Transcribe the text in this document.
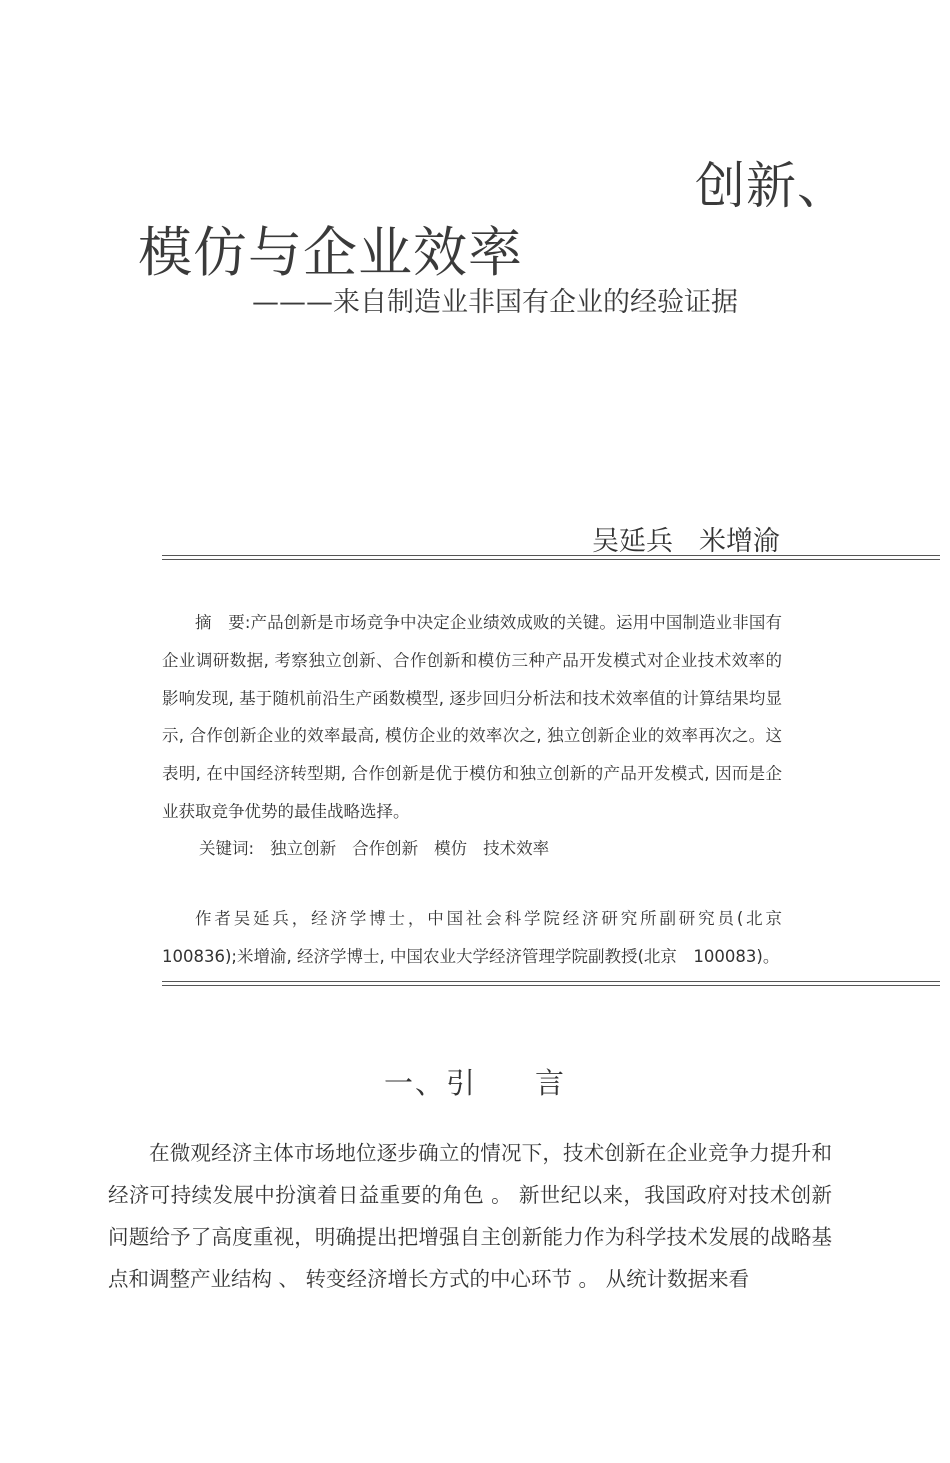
创新、
模仿与企业效率
———来自制造业非国有企业的经验证据
吴延兵 米增渝
摘　要:产品创新是市场竞争中决定企业绩效成败的关键。运用中国制造业非国有企业调研数据, 考察独立创新、合作创新和模仿三种产品开发模式对企业技术效率的影响发现, 基于随机前沿生产函数模型, 逐步回归分析法和技术效率值的计算结果均显示, 合作创新企业的效率最高, 模仿企业的效率次之, 独立创新企业的效率再次之。这表明, 在中国经济转型期, 合作创新是优于模仿和独立创新的产品开发模式, 因而是企业获取竞争优势的最佳战略选择。
关键词: 独立创新 合作创新 模仿 技术效率
作者吴延兵，经济学博士，中国社会科学院经济研究所副研究员(北京　100836);米增渝, 经济学博士, 中国农业大学经济管理学院副教授(北京　100083)。
一、引 言
在微观经济主体市场地位逐步确立的情况下，技术创新在企业竞争力提升和经济可持续发展中扮演着日益重要的角色 。 新世纪以来，我国政府对技术创新问题给予了高度重视，明确提出把增强自主创新能力作为科学技术发展的战略基点和调整产业结构 、 转变经济增长方式的中心环节 。 从统计数据来看
